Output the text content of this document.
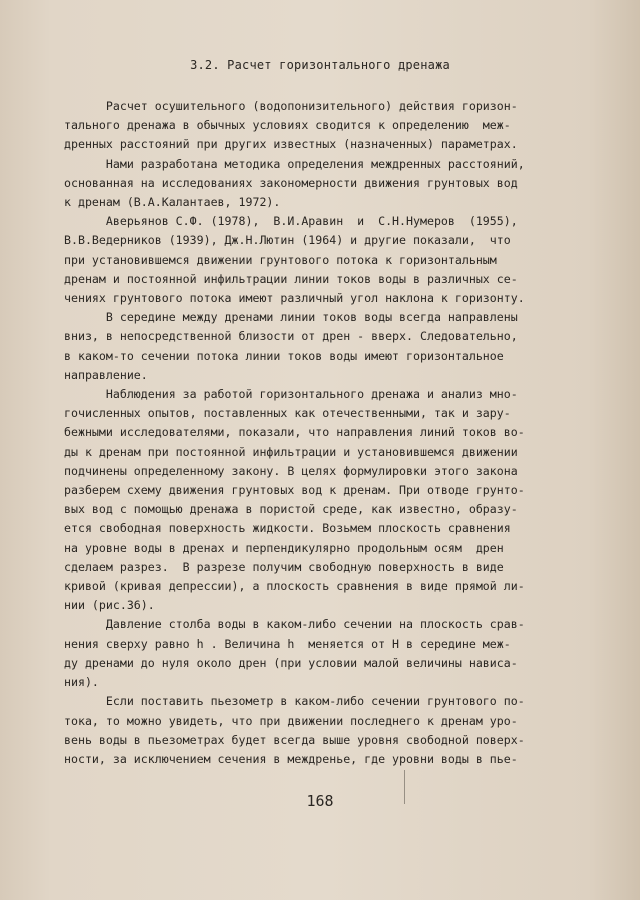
3.2. Расчет горизонтального дренажа
Расчет осушительного (водопонизительного) действия горизон-
тального дренажа в обычных условиях сводится к определению  меж-
дренных расстояний при других известных (назначенных) параметрах.
Нами разработана методика определения междренных расстояний,
основанная на исследованиях закономерности движения грунтовых вод
к дренам (В.А.Калантаев, 1972).
Аверьянов С.Ф. (1978),  В.И.Аравин  и  С.Н.Нумеров  (1955),
В.В.Ведерников (1939), Дж.Н.Лютин (1964) и другие показали,  что
при установившемся движении грунтового потока к горизонтальным
дренам и постоянной инфильтрации линии токов воды в различных се-
чениях грунтового потока имеют различный угол наклона к горизонту.
В середине между дренами линии токов воды всегда направлены
вниз, в непосредственной близости от дрен - вверх. Следовательно,
в каком-то сечении потока линии токов воды имеют горизонтальное
направление.
Наблюдения за работой горизонтального дренажа и анализ мно-
гочисленных опытов, поставленных как отечественными, так и зару-
бежными исследователями, показали, что направления линий токов во-
ды к дренам при постоянной инфильтрации и установившемся движении
подчинены определенному закону. В целях формулировки этого закона
разберем схему движения грунтовых вод к дренам. При отводе грунто-
вых вод с помощью дренажа в пористой среде, как известно, образу-
ется свободная поверхность жидкости. Возьмем плоскость сравнения
на уровне воды в дренах и перпендикулярно продольным осям  дрен
сделаем разрез.  В разрезе получим свободную поверхность в виде
кривой (кривая депрессии), а плоскость сравнения в виде прямой ли-
нии (рис.36).
Давление столба воды в каком-либо сечении на плоскость срав-
нения сверху равно h . Величина h  меняется от H в середине меж-
ду дренами до нуля около дрен (при условии малой величины нависа-
ния).
Если поставить пьезометр в каком-либо сечении грунтового по-
тока, то можно увидеть, что при движении последнего к дренам уро-
вень воды в пьезометрах будет всегда выше уровня свободной поверх-
ности, за исключением сечения в междренье, где уровни воды в пье-
168
